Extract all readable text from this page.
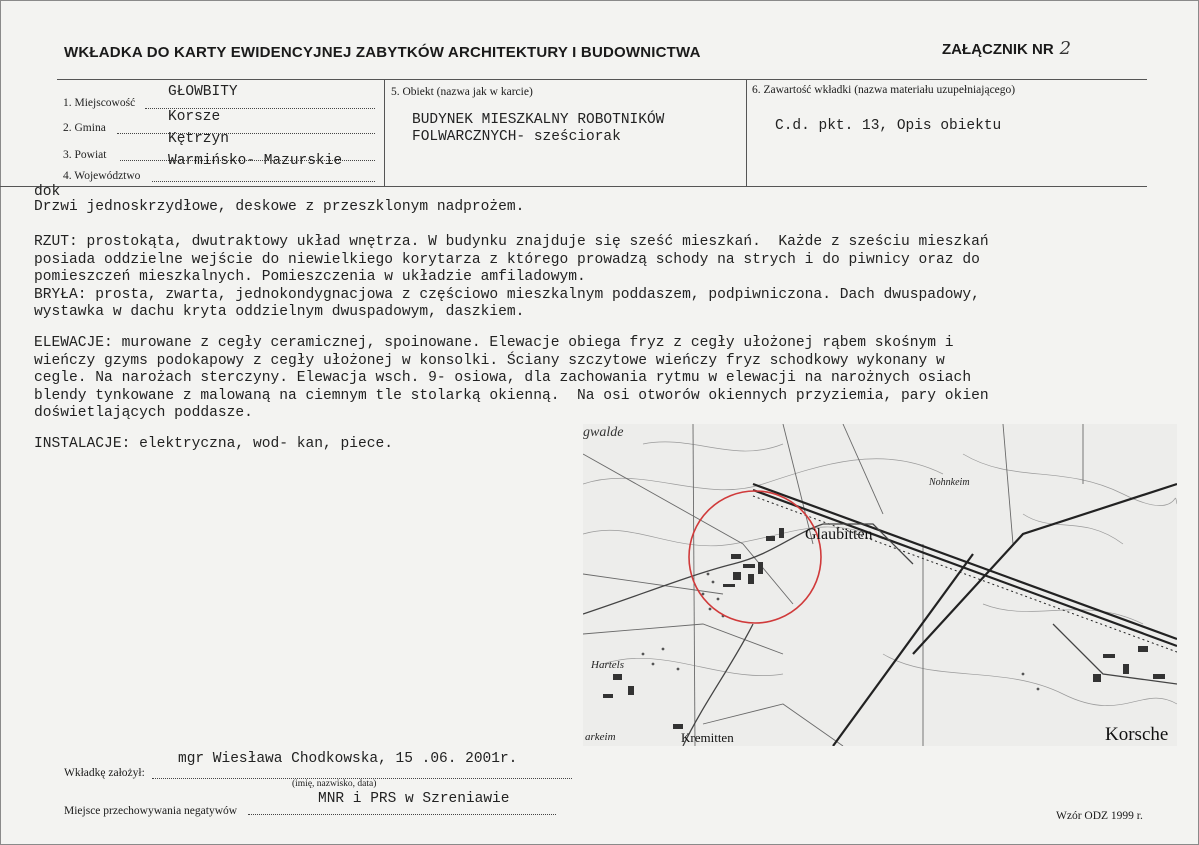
WKŁADKA DO KARTY EWIDENCYJNEJ ZABYTKÓW ARCHITEKTURY I BUDOWNICTWA	ZAŁĄCZNIK NR 2
1. Miejscowość
GŁOWBITY
2. Gmina
Korsze
3. Powiat
Kętrzyn
4. Województwo
Warmińsko- Mazurskie
5. Obiekt (nazwa jak w karcie)
BUDYNEK MIESZKALNY ROBOTNIKÓW
FOLWARCZNYCH- sześciorak
6. Zawartość wkładki (nazwa materiału uzupełniającego)
C.d. pkt. 13, Opis obiektu
dok
Drzwi jednoskrzydłowe, deskowe z przeszklonym nadprożem.
RZUT: prostokąta, dwutraktowy układ wnętrza. W budynku znajduje się sześć mieszkań.  Każde z sześciu mieszkań
posiada oddzielne wejście do niewielkiego korytarza z którego prowadzą schody na strych i do piwnicy oraz do
pomieszczeń mieszkalnych. Pomieszczenia w układzie amfiladowym.
BRYŁA: prosta, zwarta, jednokondygnacjowa z częściowo mieszkalnym poddaszem, podpiwniczona. Dach dwuspadowy,
wystawka w dachu kryta oddzielnym dwuspadowym, daszkiem.
ELEWACJE: murowane z cegły ceramicznej, spoinowane. Elewacje obiega fryz z cegły ułożonej rąbem skośnym i
wieńczy gzyms podokapowy z cegły ułożonej w konsolki. Ściany szczytowe wieńczy fryz schodkowy wykonany w
cegle. Na narożach sterczyny. Elewacja wsch. 9- osiowa, dla zachowania rytmu w elewacji na narożnych osiach
blendy tynkowane z malowaną na ciemnym tle stolarką okienną.  Na osi otworów okiennych przyziemia, pary okien
doświetlających poddasze.
INSTALACJE: elektryczna, wod- kan, piece.
gwalde
Glaubitten
Nohnkeim
Kremitten	Korsche
arkeim
Hartels
mgr Wiesława Chodkowska, 15 .06. 2001r.
Wkładkę założył:
(imię, nazwisko, data)
MNR i PRS w Szreniawie
Miejsce przechowywania negatywów	Wzór ODZ 1999 r.
